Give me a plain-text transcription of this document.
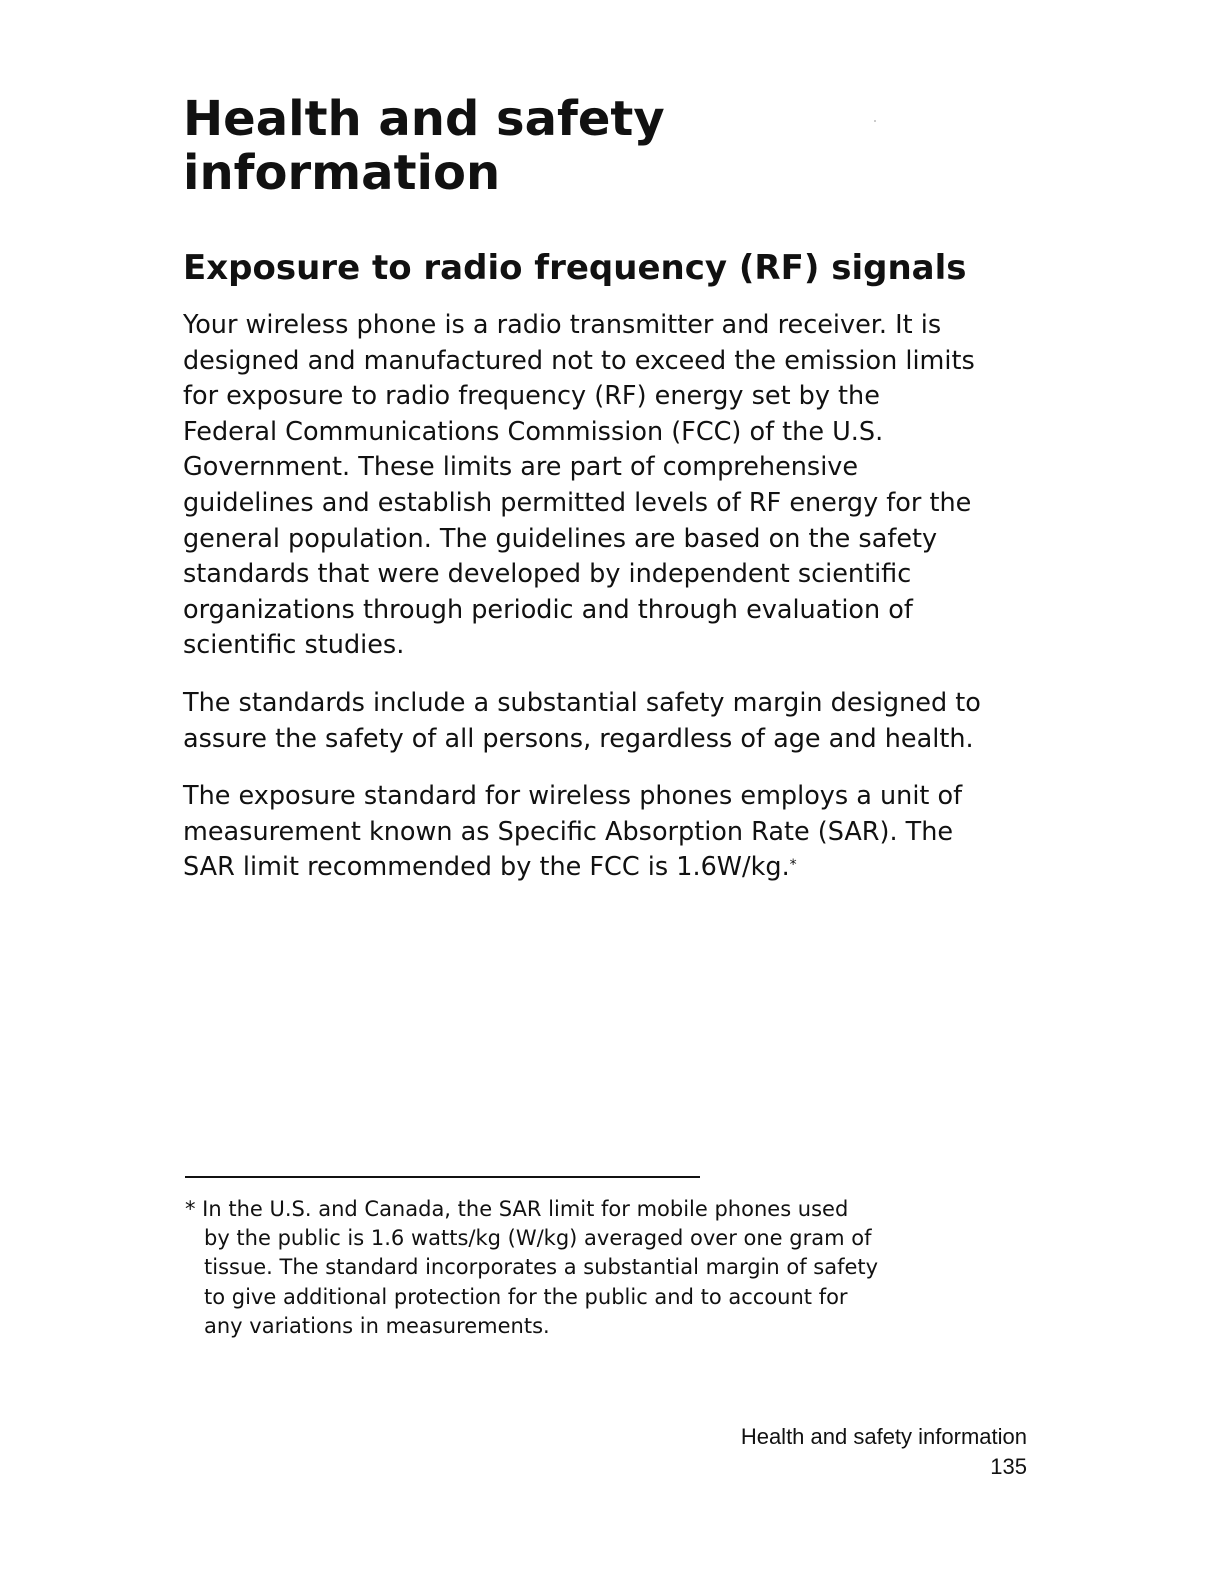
Health and safety
information
Exposure to radio frequency (RF) signals

Your wireless phone is a radio transmitter and receiver. It is
designed and manufactured not to exceed the emission limits
for exposure to radio frequency (RF) energy set by the
Federal Communications Commission (FCC) of the U.S.
Government. These limits are part of comprehensive
guidelines and establish permitted levels of RF energy for the
general population. The guidelines are based on the safety
standards that were developed by independent scientific
organizations through periodic and through evaluation of
scientific studies.

The standards include a substantial safety margin designed to
assure the safety of all persons, regardless of age and health.

The exposure standard for wireless phones employs a unit of
measurement known as Specific Absorption Rate (SAR). The
SAR limit recommended by the FCC is 1.6W/kg.*

* In the U.S. and Canada, the SAR limit for mobile phones used
by the public is 1.6 watts/kg (W/kg) averaged over one gram of
tissue. The standard incorporates a substantial margin of safety
to give additional protection for the public and to account for
any variations in measurements.

Health and safety information
135
